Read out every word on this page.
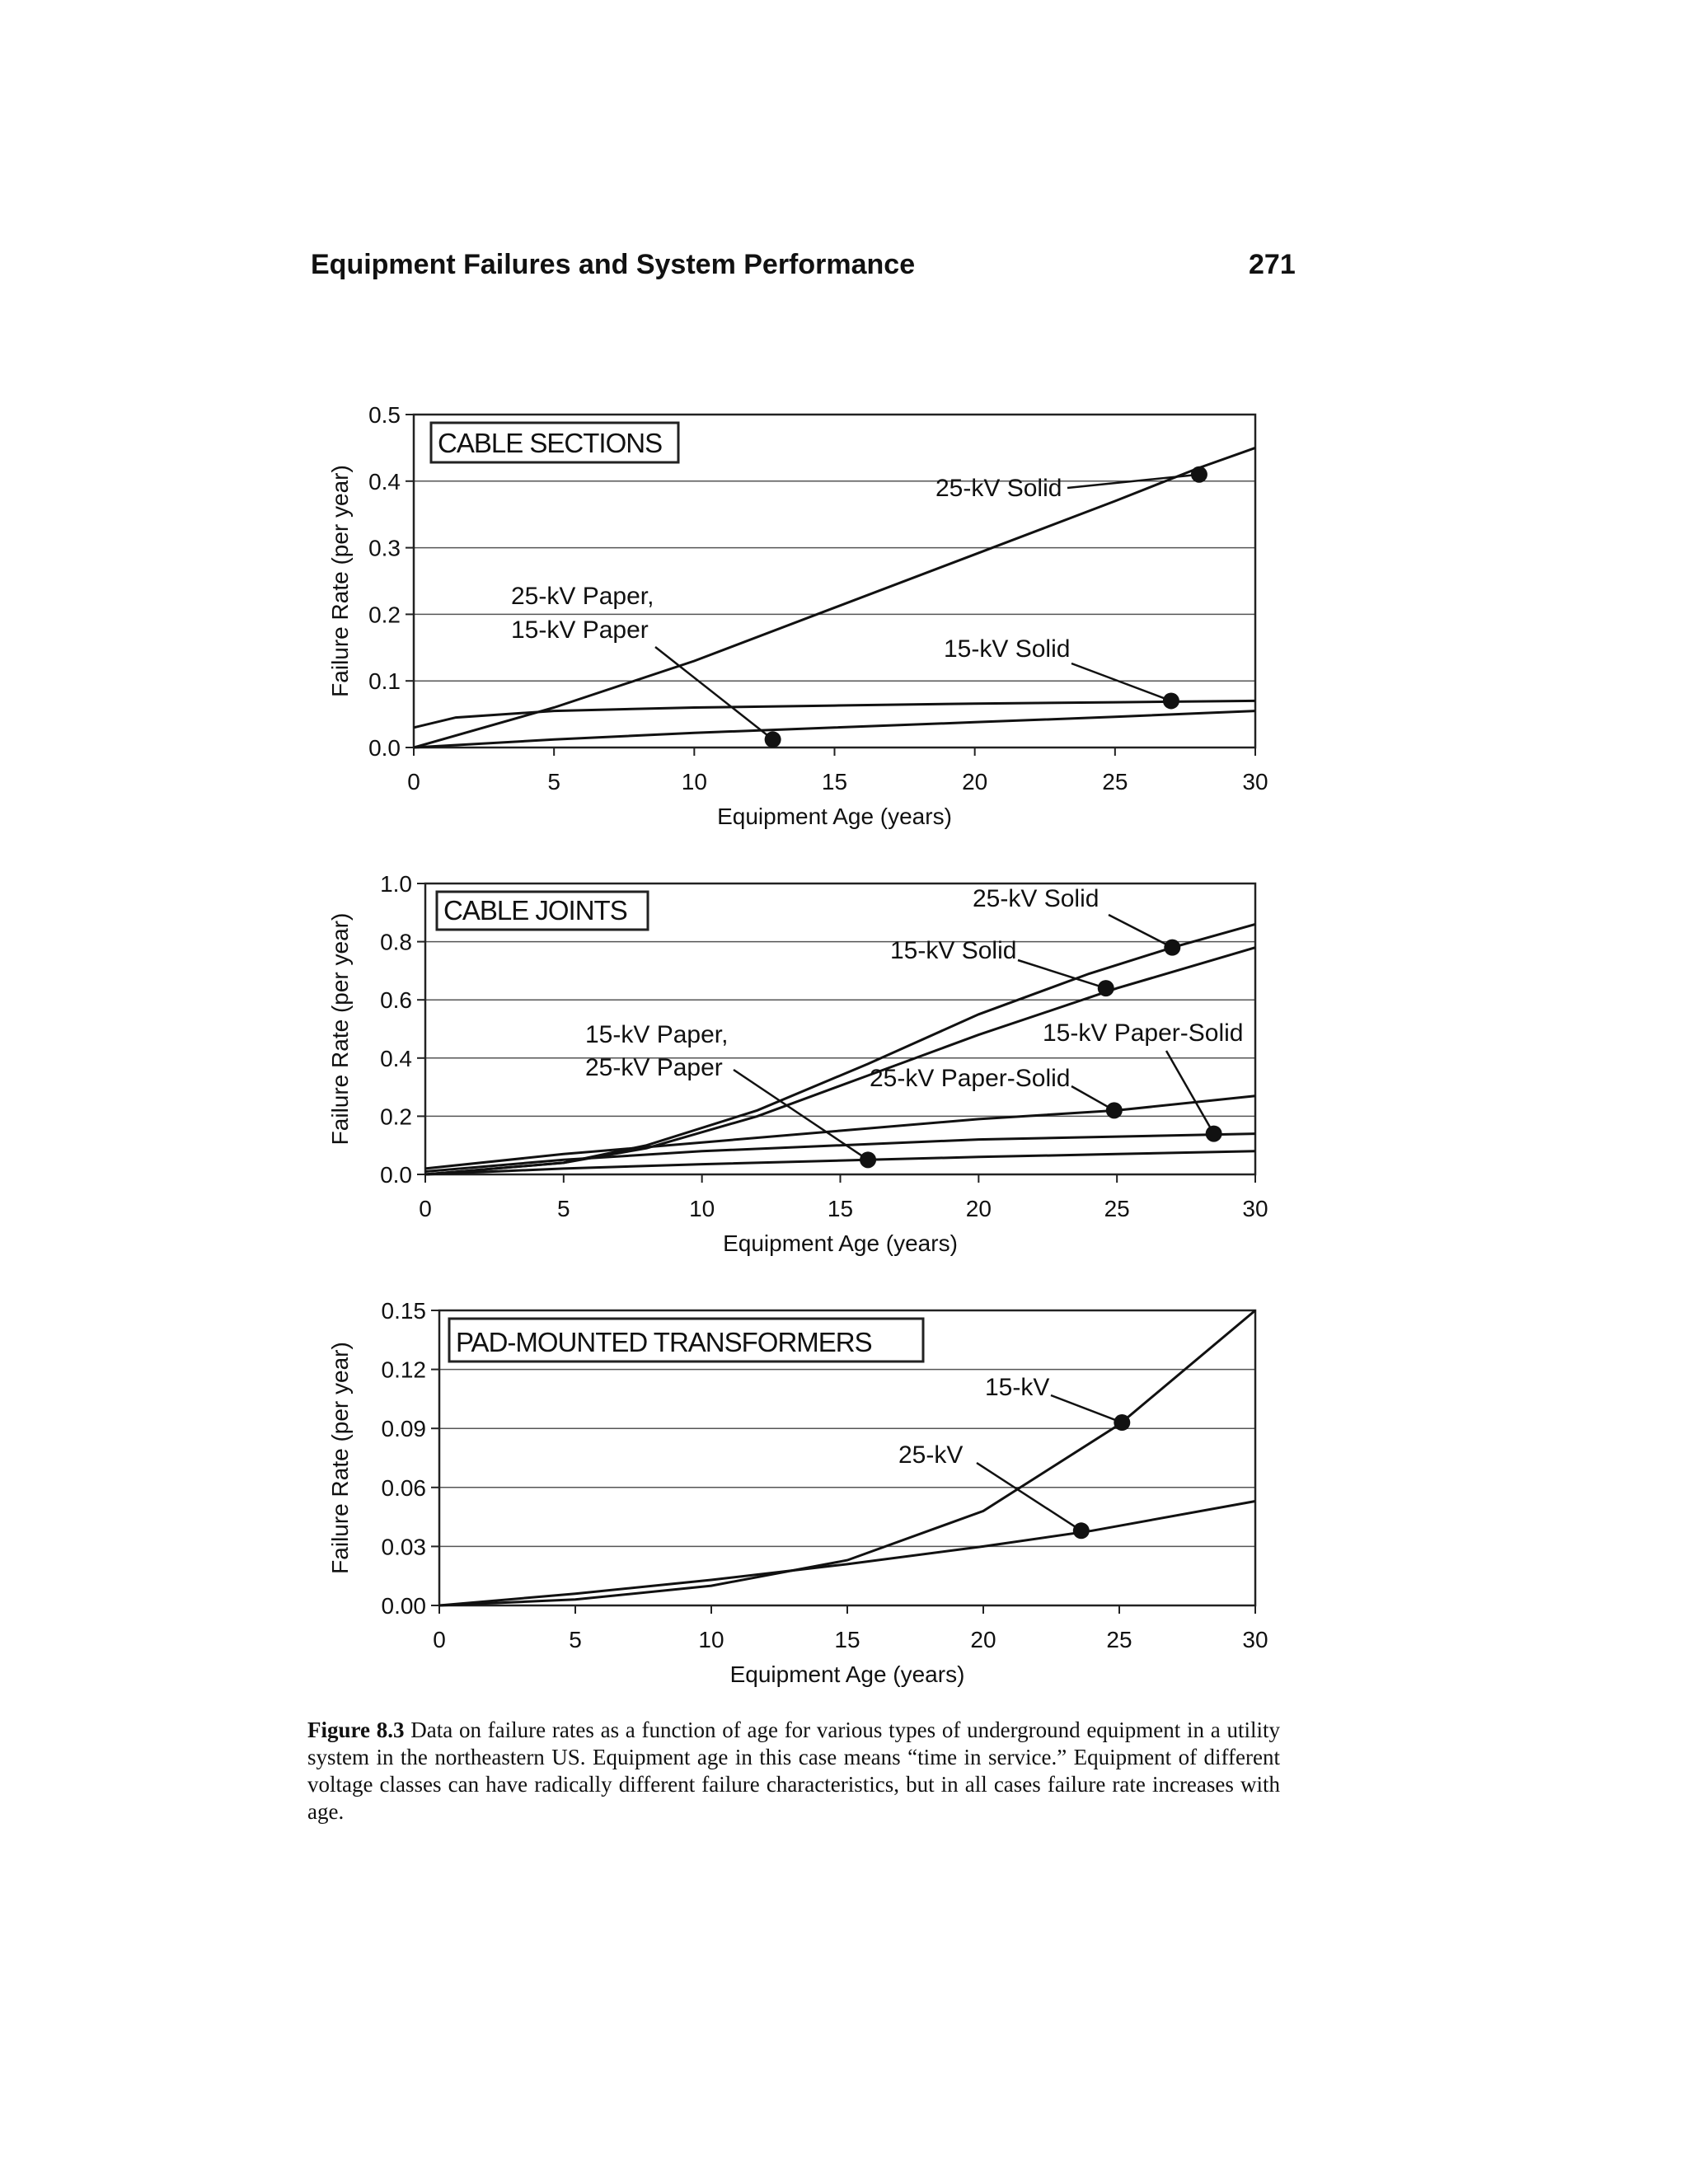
Equipment Failures and System Performance	271
0.0
0.1
0.2
0.3
0.4
0.5
0	5	10	15	20	25	30
Equipment Age (years)
Failure Rate (per year)
CABLE SECTIONS
25-kV Solid
15-kV Solid
25-kV Paper,
15-kV Paper
0.0
0.2
0.4
0.6
0.8
1.0
0	5	10	15	20	25	30
Equipment Age (years)
Failure Rate (per year)
CABLE JOINTS	25-kV Solid
15-kV Solid
15-kV Paper-Solid
25-kV Paper-Solid
15-kV Paper,
25-kV Paper
0.00
0.03
0.06
0.09
0.12
0.15
0	5	10	15	20	25	30
Equipment Age (years)
Failure Rate (per year)	PAD-MOUNTED TRANSFORMERS
15-kV
25-kV
Figure 8.3 Data on failure rates as a function of age for various types of underground equipment in a utility system in the northeastern US. Equipment age in this case means “time in service.” Equipment of different voltage classes can have radically different failure characteristics, but in all cases failure rate increases with age.
